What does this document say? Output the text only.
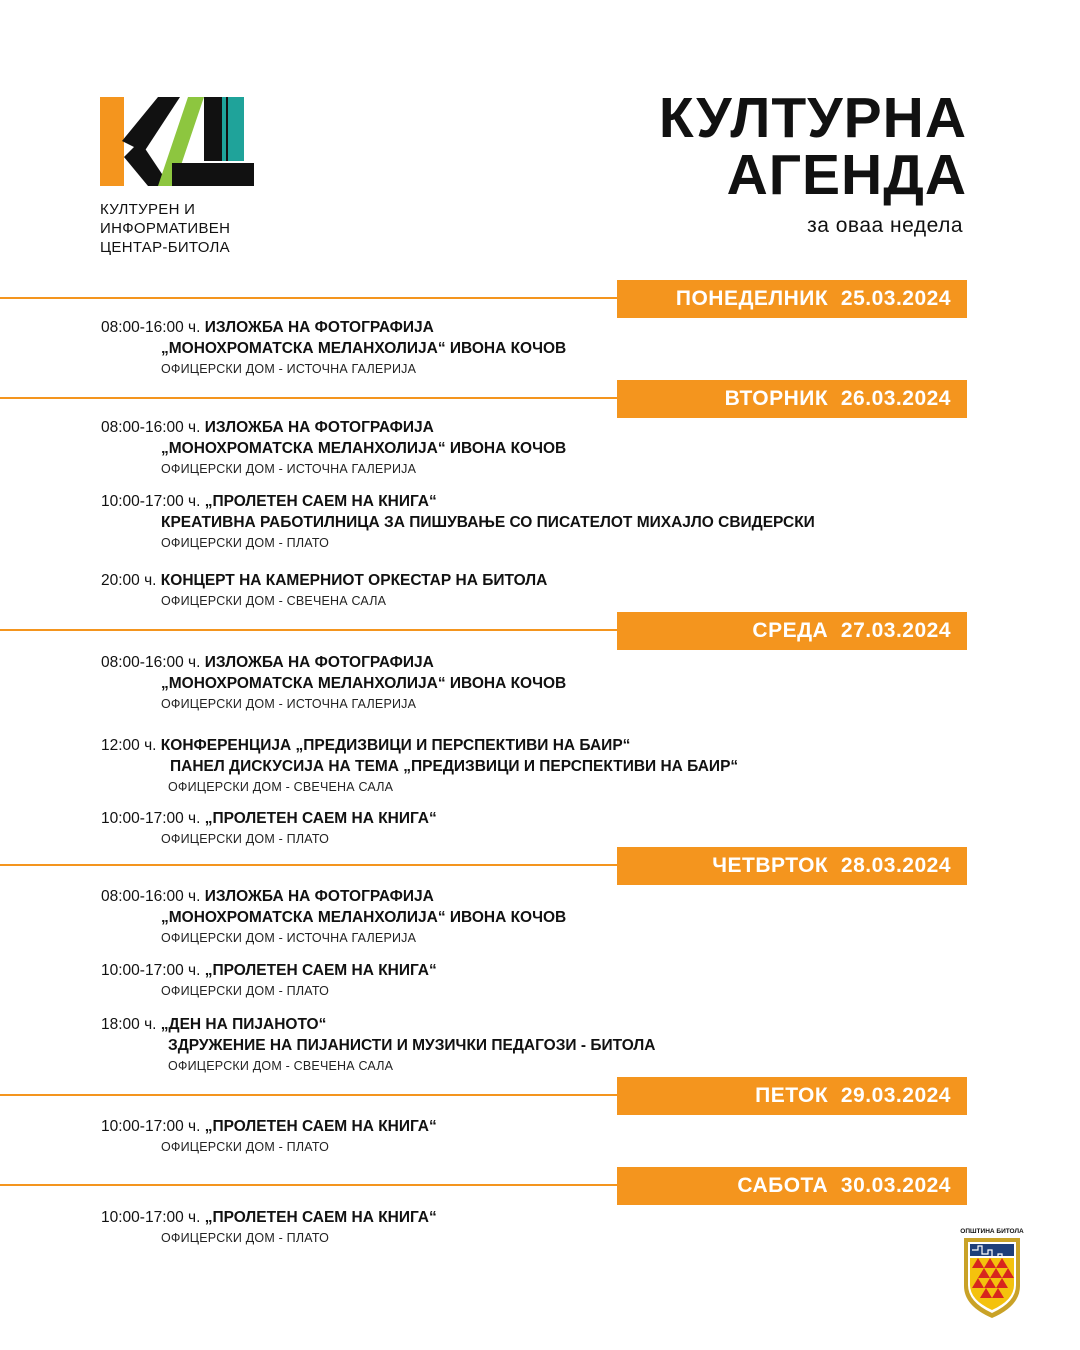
КУЛТУРЕН И
ИНФОРМАТИВЕН
ЦЕНТАР-БИТОЛА
КУЛТУРНА
АГЕНДА
за оваа недела
ПОНЕДЕЛНИК  25.03.2024
08:00-16:00 ч. ИЗЛОЖБА НА ФОТОГРАФИЈА
„МОНОХРОМАТСКА МЕЛАНХОЛИЈА“ ИВОНА КОЧОВ
ОФИЦЕРСКИ ДОМ - ИСТОЧНА ГАЛЕРИЈА
ВТОРНИК  26.03.2024
08:00-16:00 ч. ИЗЛОЖБА НА ФОТОГРАФИЈА
„МОНОХРОМАТСКА МЕЛАНХОЛИЈА“ ИВОНА КОЧОВ
ОФИЦЕРСКИ ДОМ - ИСТОЧНА ГАЛЕРИЈА
10:00-17:00 ч. „ПРОЛЕТЕН САЕМ НА КНИГА“
КРЕАТИВНА РАБОТИЛНИЦА ЗА ПИШУВАЊЕ СО ПИСАТЕЛОТ МИХАЈЛО СВИДЕРСКИ
ОФИЦЕРСКИ ДОМ - ПЛАТО
20:00 ч. КОНЦЕРТ НА КАМЕРНИОТ ОРКЕСТАР НА БИТОЛА
ОФИЦЕРСКИ ДОМ - СВЕЧЕНА САЛА
СРЕДА  27.03.2024
08:00-16:00 ч. ИЗЛОЖБА НА ФОТОГРАФИЈА
„МОНОХРОМАТСКА МЕЛАНХОЛИЈА“ ИВОНА КОЧОВ
ОФИЦЕРСКИ ДОМ - ИСТОЧНА ГАЛЕРИЈА
12:00 ч. КОНФЕРЕНЦИЈА „ПРЕДИЗВИЦИ И ПЕРСПЕКТИВИ НА БАИР“
ПАНЕЛ ДИСКУСИЈА НА ТЕМА „ПРЕДИЗВИЦИ И ПЕРСПЕКТИВИ НА БАИР“
ОФИЦЕРСКИ ДОМ - СВЕЧЕНА САЛА
10:00-17:00 ч. „ПРОЛЕТЕН САЕМ НА КНИГА“
ОФИЦЕРСКИ ДОМ - ПЛАТО
ЧЕТВРТОК  28.03.2024
08:00-16:00 ч. ИЗЛОЖБА НА ФОТОГРАФИЈА
„МОНОХРОМАТСКА МЕЛАНХОЛИЈА“ ИВОНА КОЧОВ
ОФИЦЕРСКИ ДОМ - ИСТОЧНА ГАЛЕРИЈА
10:00-17:00 ч. „ПРОЛЕТЕН САЕМ НА КНИГА“
ОФИЦЕРСКИ ДОМ - ПЛАТО
18:00 ч. „ДЕН НА ПИЈАНОТО“
ЗДРУЖЕНИЕ НА ПИЈАНИСТИ И МУЗИЧКИ ПЕДАГОЗИ - БИТОЛА
ОФИЦЕРСКИ ДОМ - СВЕЧЕНА САЛА
ПЕТОК  29.03.2024
10:00-17:00 ч. „ПРОЛЕТЕН САЕМ НА КНИГА“
ОФИЦЕРСКИ ДОМ - ПЛАТО
САБОТА  30.03.2024
10:00-17:00 ч. „ПРОЛЕТЕН САЕМ НА КНИГА“
ОФИЦЕРСКИ ДОМ - ПЛАТО	ОПШТИНА БИТОЛА
